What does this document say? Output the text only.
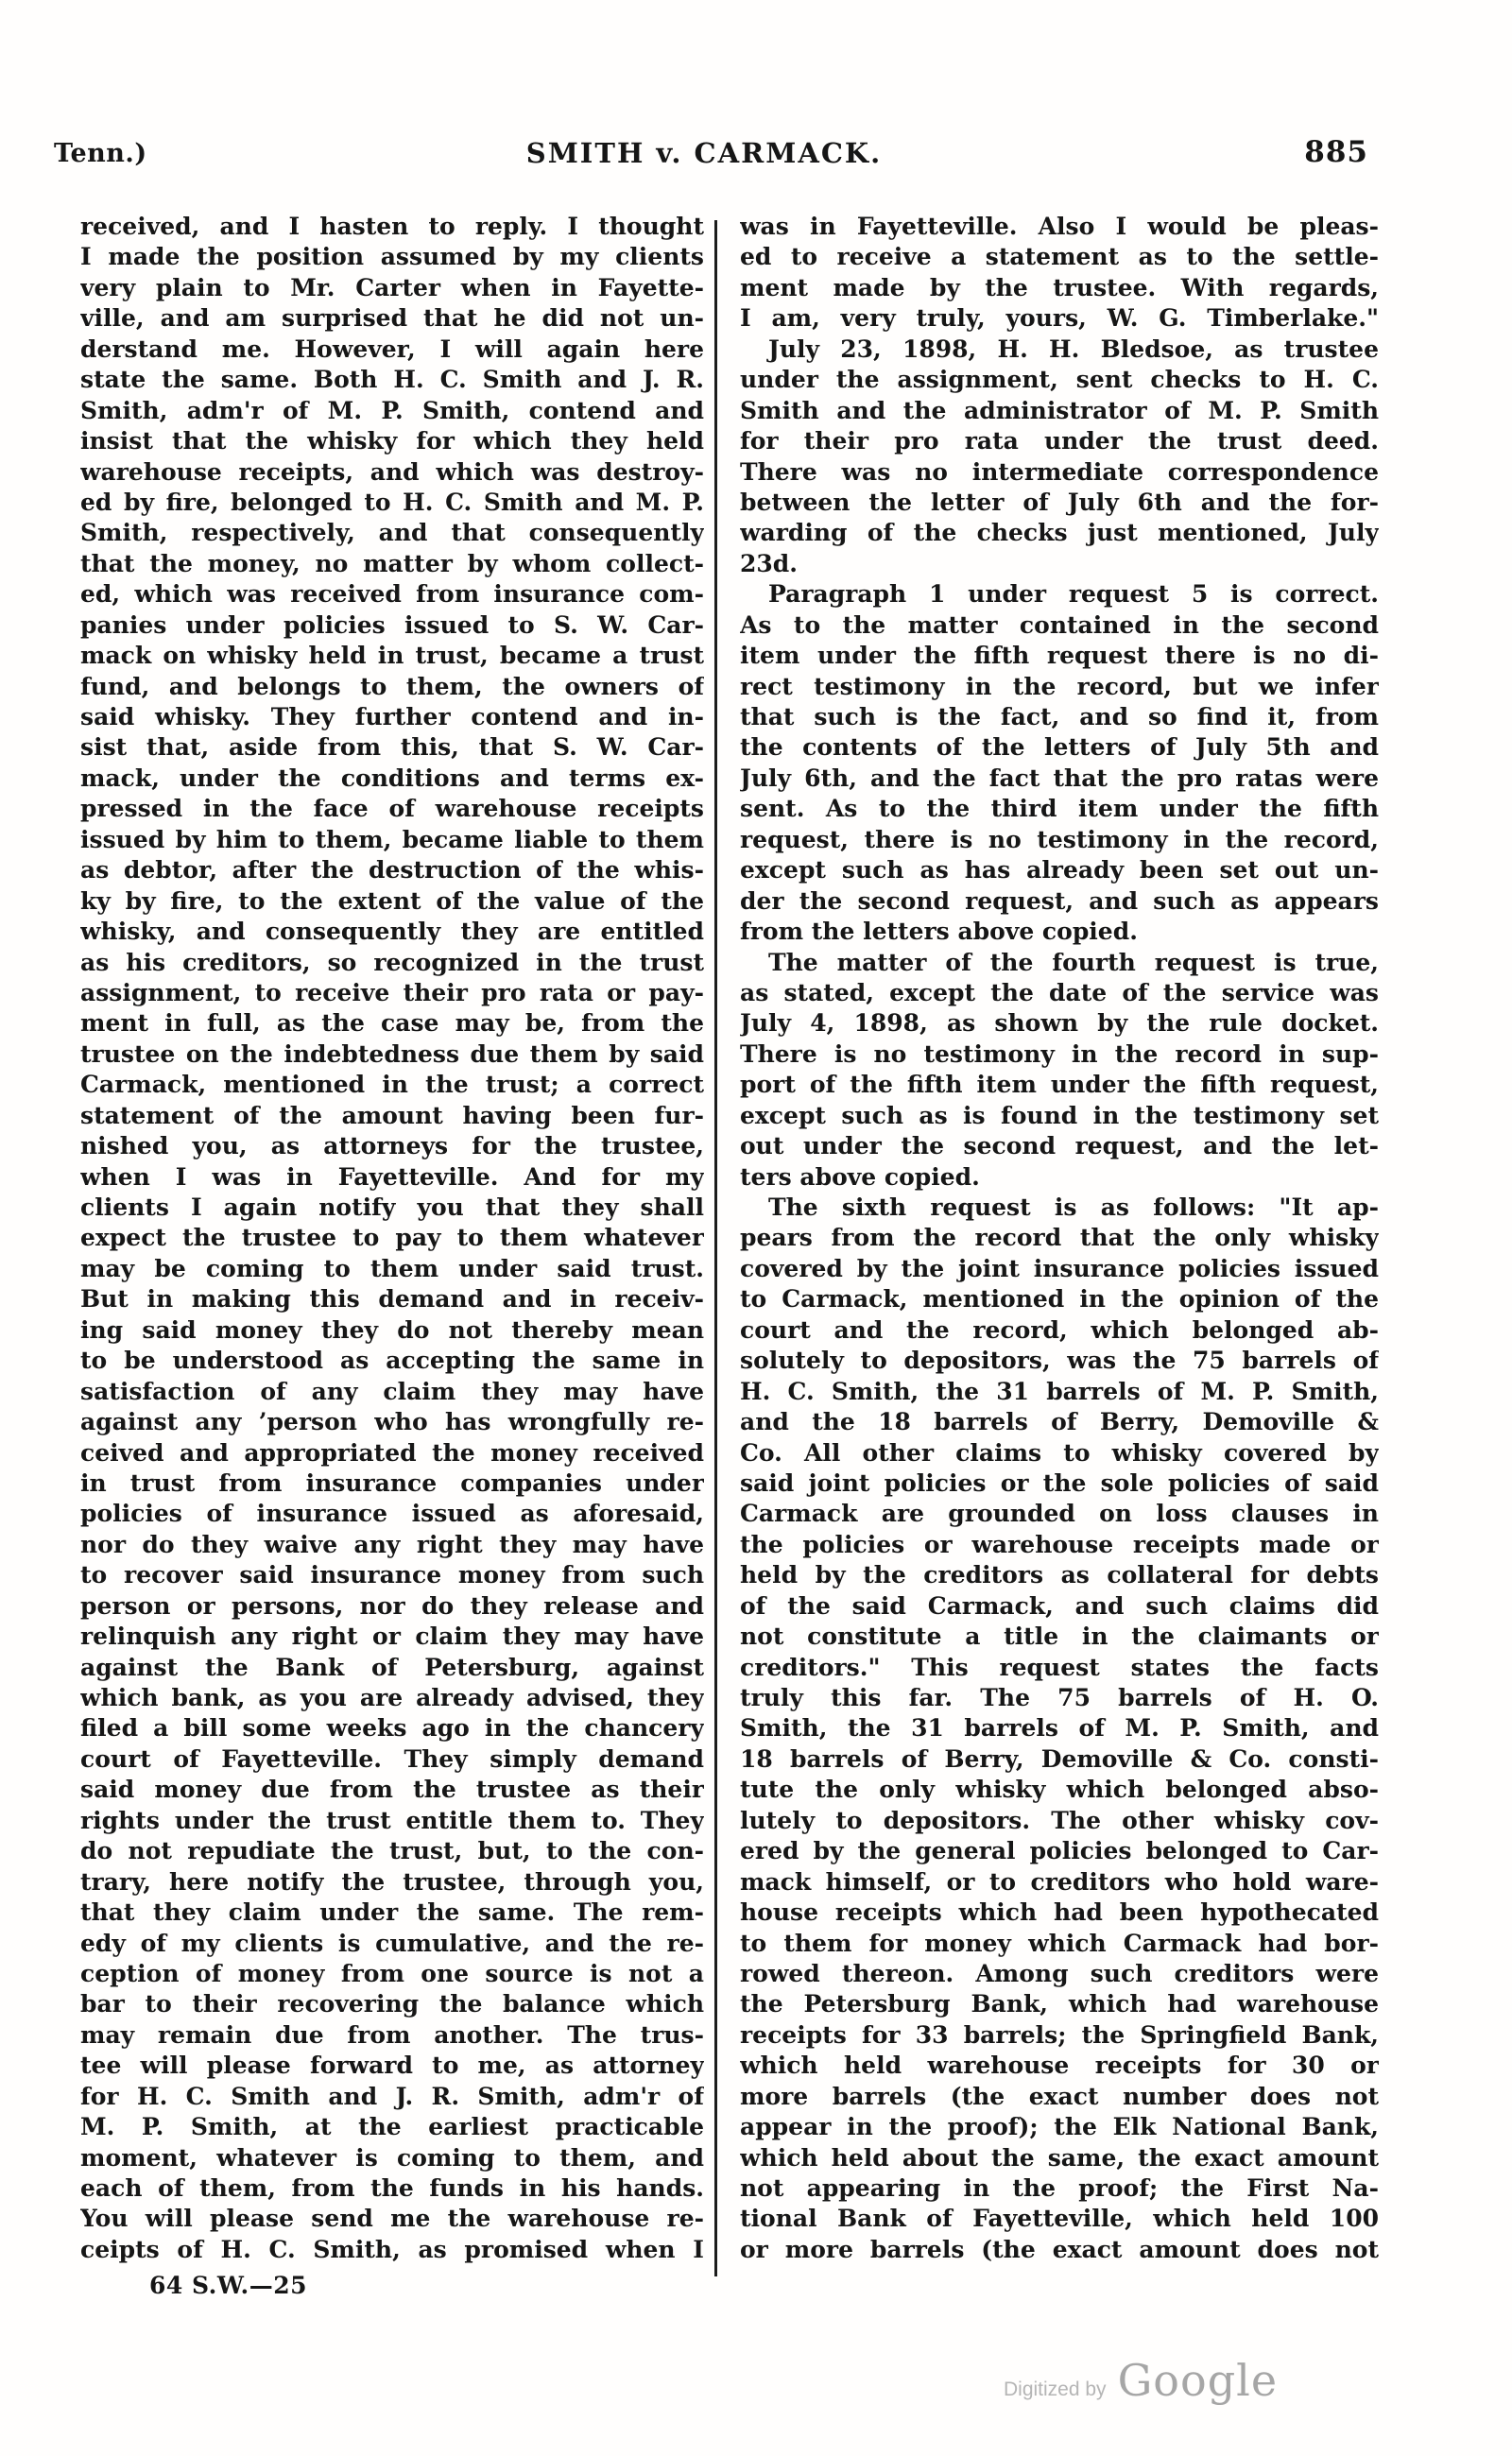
Tenn.)	SMITH v. CARMACK.	885
received, and I hasten to reply. I thought
I made the position assumed by my clients
very plain to Mr. Carter when in Fayette-
ville, and am surprised that he did not un-
derstand me. However, I will again here
state the same. Both H. C. Smith and J. R.
Smith, adm'r of M. P. Smith, contend and
insist that the whisky for which they held
warehouse receipts, and which was destroy-
ed by fire, belonged to H. C. Smith and M. P.
Smith, respectively, and that consequently
that the money, no matter by whom collect-
ed, which was received from insurance com-
panies under policies issued to S. W. Car-
mack on whisky held in trust, became a trust
fund, and belongs to them, the owners of
said whisky. They further contend and in-
sist that, aside from this, that S. W. Car-
mack, under the conditions and terms ex-
pressed in the face of warehouse receipts
issued by him to them, became liable to them
as debtor, after the destruction of the whis-
ky by fire, to the extent of the value of the
whisky, and consequently they are entitled
as his creditors, so recognized in the trust
assignment, to receive their pro rata or pay-
ment in full, as the case may be, from the
trustee on the indebtedness due them by said
Carmack, mentioned in the trust; a correct
statement of the amount having been fur-
nished you, as attorneys for the trustee,
when I was in Fayetteville. And for my
clients I again notify you that they shall
expect the trustee to pay to them whatever
may be coming to them under said trust.
But in making this demand and in receiv-
ing said money they do not thereby mean
to be understood as accepting the same in
satisfaction of any claim they may have
against any ’person who has wrongfully re-
ceived and appropriated the money received
in trust from insurance companies under
policies of insurance issued as aforesaid,
nor do they waive any right they may have
to recover said insurance money from such
person or persons, nor do they release and
relinquish any right or claim they may have
against the Bank of Petersburg, against
which bank, as you are already advised, they
filed a bill some weeks ago in the chancery
court of Fayetteville. They simply demand
said money due from the trustee as their
rights under the trust entitle them to. They
do not repudiate the trust, but, to the con-
trary, here notify the trustee, through you,
that they claim under the same. The rem-
edy of my clients is cumulative, and the re-
ception of money from one source is not a
bar to their recovering the balance which
may remain due from another. The trus-
tee will please forward to me, as attorney
for H. C. Smith and J. R. Smith, adm'r of
M. P. Smith, at the earliest practicable
moment, whatever is coming to them, and
each of them, from the funds in his hands.
You will please send me the warehouse re-
ceipts of H. C. Smith, as promised when I
was in Fayetteville. Also I would be pleas-
ed to receive a statement as to the settle-
ment made by the trustee. With regards,
I am, very truly, yours, W. G. Timberlake."
July 23, 1898, H. H. Bledsoe, as trustee
under the assignment, sent checks to H. C.
Smith and the administrator of M. P. Smith
for their pro rata under the trust deed.
There was no intermediate correspondence
between the letter of July 6th and the for-
warding of the checks just mentioned, July
23d.
Paragraph 1 under request 5 is correct.
As to the matter contained in the second
item under the fifth request there is no di-
rect testimony in the record, but we infer
that such is the fact, and so find it, from
the contents of the letters of July 5th and
July 6th, and the fact that the pro ratas were
sent. As to the third item under the fifth
request, there is no testimony in the record,
except such as has already been set out un-
der the second request, and such as appears
from the letters above copied.
The matter of the fourth request is true,
as stated, except the date of the service was
July 4, 1898, as shown by the rule docket.
There is no testimony in the record in sup-
port of the fifth item under the fifth request,
except such as is found in the testimony set
out under the second request, and the let-
ters above copied.
The sixth request is as follows: "It ap-
pears from the record that the only whisky
covered by the joint insurance policies issued
to Carmack, mentioned in the opinion of the
court and the record, which belonged ab-
solutely to depositors, was the 75 barrels of
H. C. Smith, the 31 barrels of M. P. Smith,
and the 18 barrels of Berry, Demoville &
Co. All other claims to whisky covered by
said joint policies or the sole policies of said
Carmack are grounded on loss clauses in
the policies or warehouse receipts made or
held by the creditors as collateral for debts
of the said Carmack, and such claims did
not constitute a title in the claimants or
creditors." This request states the facts
truly this far. The 75 barrels of H. O.
Smith, the 31 barrels of M. P. Smith, and
18 barrels of Berry, Demoville & Co. consti-
tute the only whisky which belonged abso-
lutely to depositors. The other whisky cov-
ered by the general policies belonged to Car-
mack himself, or to creditors who hold ware-
house receipts which had been hypothecated
to them for money which Carmack had bor-
rowed thereon. Among such creditors were
the Petersburg Bank, which had warehouse
receipts for 33 barrels; the Springfield Bank,
which held warehouse receipts for 30 or
more barrels (the exact number does not
appear in the proof); the Elk National Bank,
which held about the same, the exact amount
not appearing in the proof; the First Na-
tional Bank of Fayetteville, which held 100
or more barrels (the exact amount does not
64 S.W.—25
Digitized by Google
